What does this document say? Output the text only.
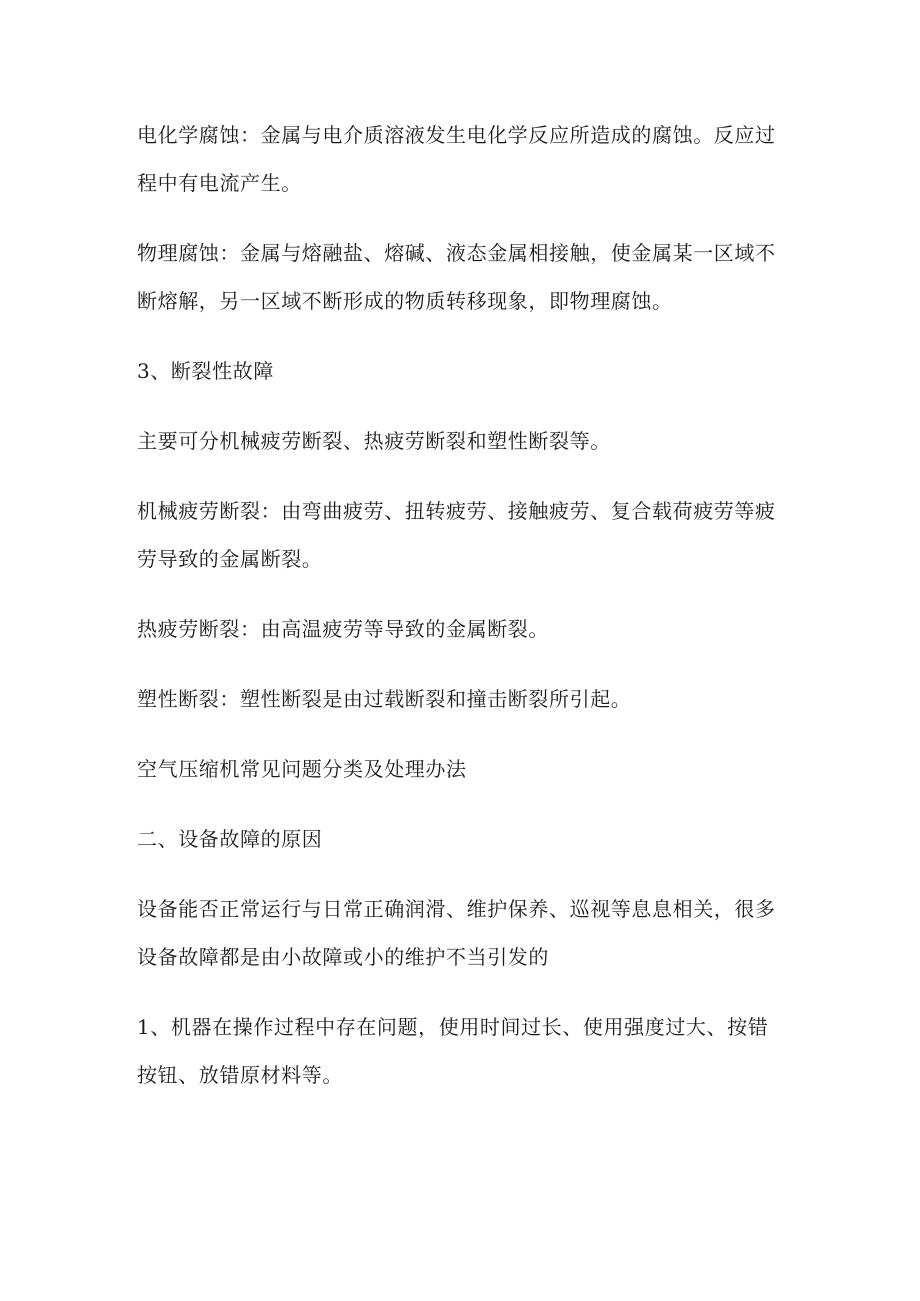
电化学腐蚀：金属与电介质溶液发生电化学反应所造成的腐蚀。反应过程中有电流产生。

物理腐蚀：金属与熔融盐、熔碱、液态金属相接触，使金属某一区域不断熔解，另一区域不断形成的物质转移现象，即物理腐蚀。

3、断裂性故障

主要可分机械疲劳断裂、热疲劳断裂和塑性断裂等。

机械疲劳断裂：由弯曲疲劳、扭转疲劳、接触疲劳、复合载荷疲劳等疲劳导致的金属断裂。

热疲劳断裂：由高温疲劳等导致的金属断裂。

塑性断裂：塑性断裂是由过载断裂和撞击断裂所引起。

空气压缩机常见问题分类及处理办法

二、设备故障的原因

设备能否正常运行与日常正确润滑、维护保养、巡视等息息相关，很多设备故障都是由小故障或小的维护不当引发的

1、机器在操作过程中存在问题，使用时间过长、使用强度过大、按错按钮、放错原材料等。
